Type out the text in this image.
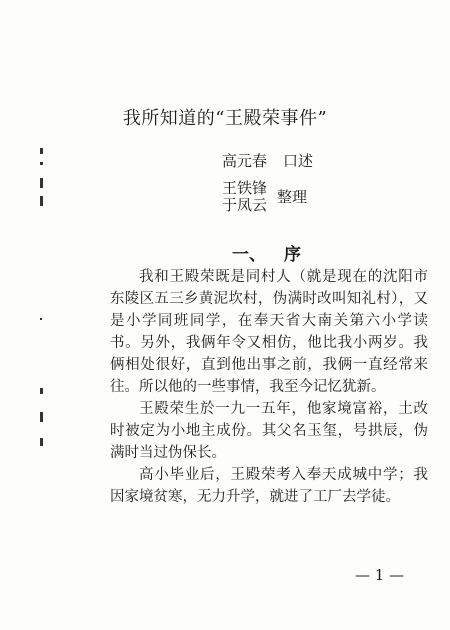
我所知道的“王殿荣事件”
高元春 口述
王铁锋
于凤云 整理
一、 序

我和王殿荣既是同村人（就是现在的沈阳市东陵区五三乡黄泥坎村，伪满时改叫知礼村），又是小学同班同学，在奉天省大南关第六小学读书。另外，我俩年令又相仿，他比我小两岁。我俩相处很好，直到他出事之前，我俩一直经常来往。所以他的一些事情，我至今记忆犹新。

王殿荣生於一九一五年，他家境富裕，土改时被定为小地主成份。其父名玉玺，号拱辰，伪满时当过伪保长。

高小毕业后，王殿荣考入奉天成城中学；我因家境贫寒，无力升学，就进了工厂去学徒。

— 1 —
